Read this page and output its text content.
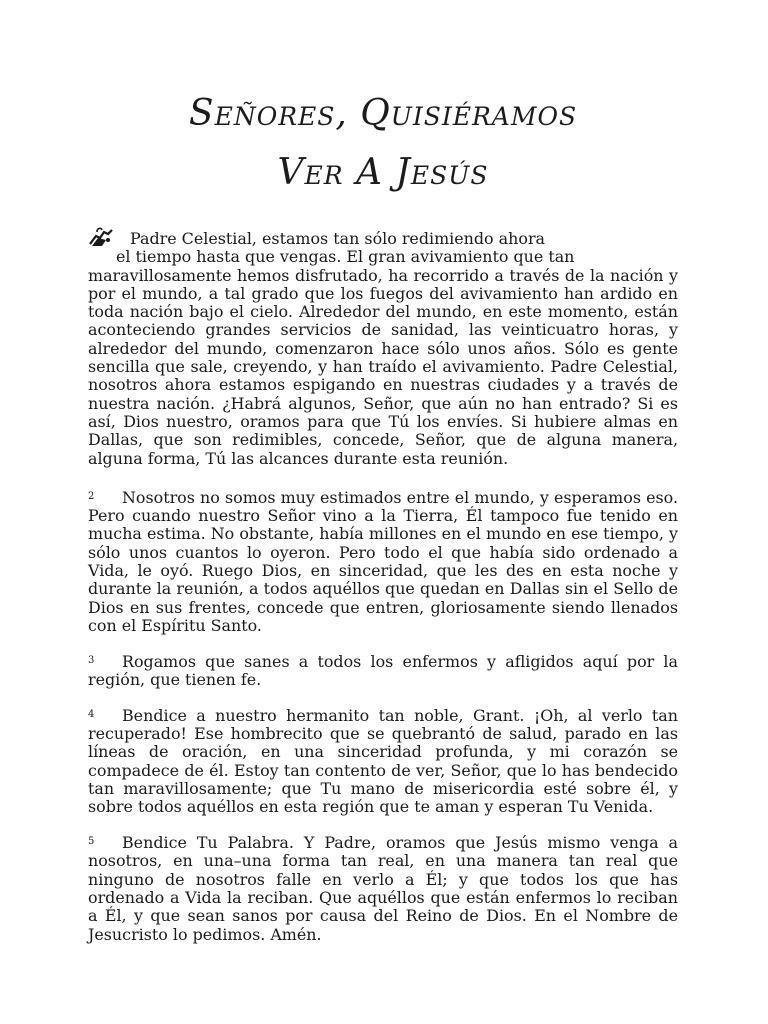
Señores, Quisiéramos
Ver A Jesús

Padre Celestial, estamos tan sólo redimiendo ahora
el tiempo hasta que vengas. El gran avivamiento que tan
maravillosamente hemos disfrutado, ha recorrido a través de la nación y por el mundo, a tal grado que los fuegos del avivamiento han ardido en toda nación bajo el cielo. Alrededor del mundo, en este momento, están aconteciendo grandes servicios de sanidad, las veinticuatro horas, y alrededor del mundo, comenzaron hace sólo unos años. Sólo es gente sencilla que sale, creyendo, y han traído el avivamiento. Padre Celestial, nosotros ahora estamos espigando en nuestras ciudades y a través de nuestra nación. ¿Habrá algunos, Señor, que aún no han entrado? Si es así, Dios nuestro, oramos para que Tú los envíes. Si hubiere almas en Dallas, que son redimibles, concede, Señor, que de alguna manera, alguna forma, Tú las alcances durante esta reunión.

2 Nosotros no somos muy estimados entre el mundo, y esperamos eso. Pero cuando nuestro Señor vino a la Tierra, Él tampoco fue tenido en mucha estima. No obstante, había millones en el mundo en ese tiempo, y sólo unos cuantos lo oyeron. Pero todo el que había sido ordenado a Vida, le oyó. Ruego Dios, en sinceridad, que les des en esta noche y durante la reunión, a todos aquéllos que quedan en Dallas sin el Sello de Dios en sus frentes, concede que entren, gloriosamente siendo llenados con el Espíritu Santo.

3 Rogamos que sanes a todos los enfermos y afligidos aquí por la región, que tienen fe.

4 Bendice a nuestro hermanito tan noble, Grant. ¡Oh, al verlo tan recuperado! Ese hombrecito que se quebrantó de salud, parado en las líneas de oración, en una sinceridad profunda, y mi corazón se compadece de él. Estoy tan contento de ver, Señor, que lo has bendecido tan maravillosamente; que Tu mano de misericordia esté sobre él, y sobre todos aquéllos en esta región que te aman y esperan Tu Venida.

5 Bendice Tu Palabra. Y Padre, oramos que Jesús mismo venga a nosotros, en una–una forma tan real, en una manera tan real que ninguno de nosotros falle en verlo a Él; y que todos los que has ordenado a Vida la reciban. Que aquéllos que están enfermos lo reciban a Él, y que sean sanos por causa del Reino de Dios. En el Nombre de Jesucristo lo pedimos. Amén.
